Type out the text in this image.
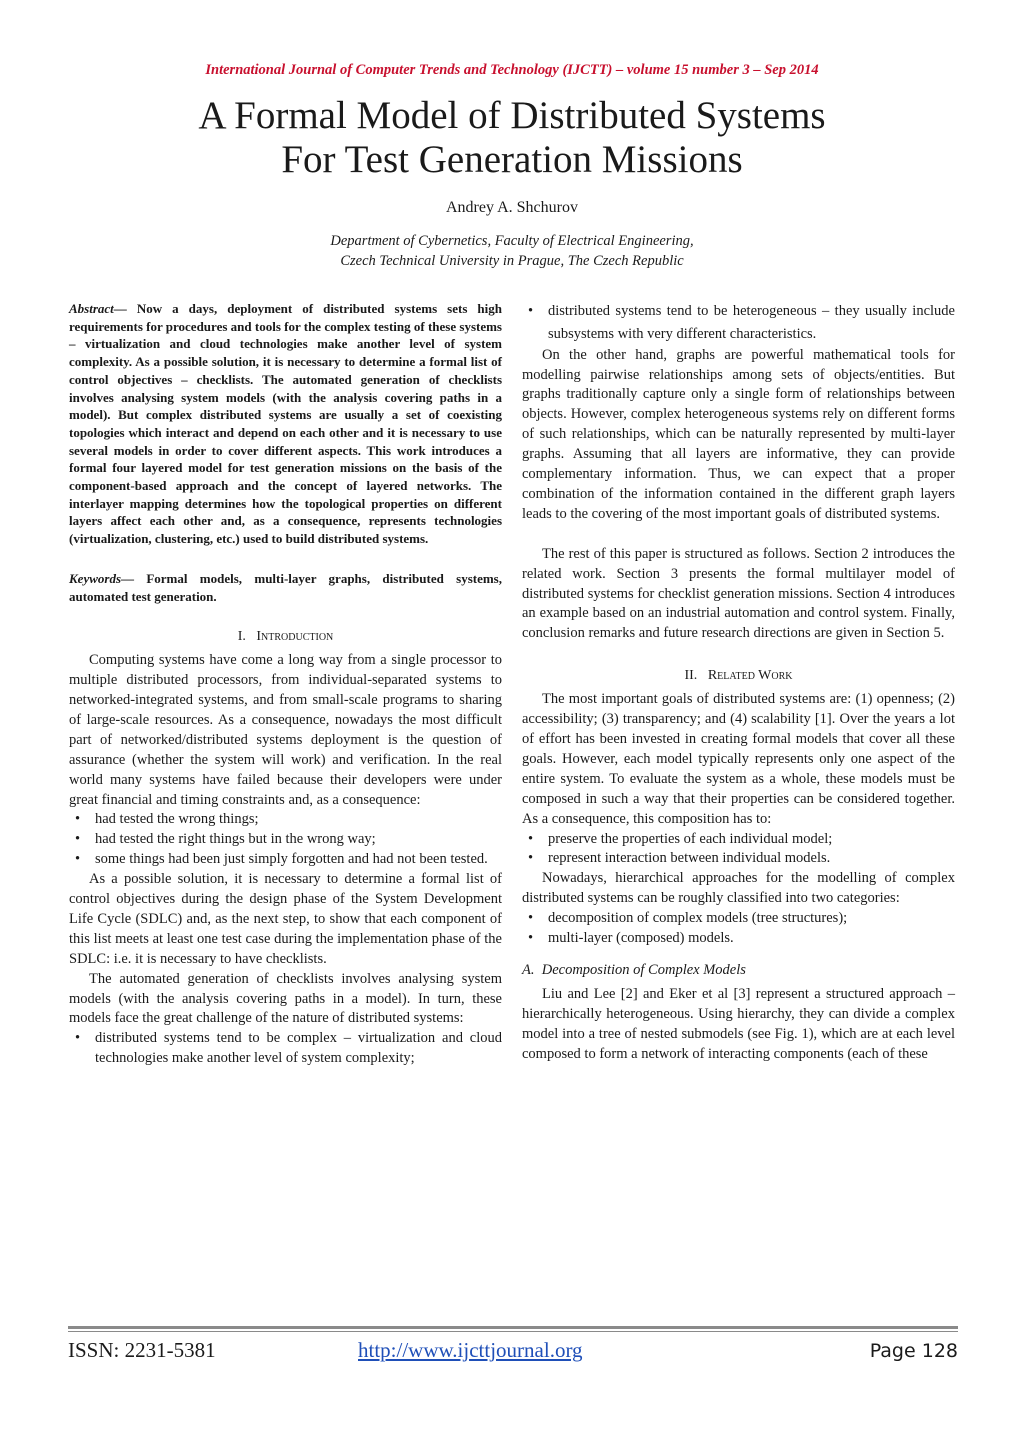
International Journal of Computer Trends and Technology (IJCTT) – volume 15 number 3 – Sep 2014
A Formal Model of Distributed Systems
For Test Generation Missions
Andrey A. Shchurov
Department of Cybernetics, Faculty of Electrical Engineering,
Czech Technical University in Prague, The Czech Republic

Abstract— Now a days, deployment of distributed systems sets high requirements for procedures and tools for the complex testing of these systems – virtualization and cloud technologies make another level of system complexity. As a possible solution, it is necessary to determine a formal list of control objectives – checklists. The automated generation of checklists involves analysing system models (with the analysis covering paths in a model). But complex distributed systems are usually a set of coexisting topologies which interact and depend on each other and it is necessary to use several models in order to cover different aspects. This work introduces a formal four layered model for test generation missions on the basis of the component-based approach and the concept of layered networks. The interlayer mapping determines how the topological properties on different layers affect each other and, as a consequence, represents technologies (virtualization, clustering, etc.) used to build distributed systems.

Keywords— Formal models, multi-layer graphs, distributed systems, automated test generation.

I. Introduction

Computing systems have come a long way from a single processor to multiple distributed processors, from individual-separated systems to networked-integrated systems, and from small-scale programs to sharing of large-scale resources. As a consequence, nowadays the most difficult part of networked/distributed systems deployment is the question of assurance (whether the system will work) and verification. In the real world many systems have failed because their developers were under great financial and timing constraints and, as a consequence:

• had tested the wrong things;
• had tested the right things but in the wrong way;
• some things had been just simply forgotten and had not been tested.

As a possible solution, it is necessary to determine a formal list of control objectives during the design phase of the System Development Life Cycle (SDLC) and, as the next step, to show that each component of this list meets at least one test case during the implementation phase of the SDLC: i.e. it is necessary to have checklists.

The automated generation of checklists involves analysing system models (with the analysis covering paths in a model). In turn, these models face the great challenge of the nature of distributed systems:

• distributed systems tend to be complex – virtualization and cloud technologies make another level of system complexity;
• distributed systems tend to be heterogeneous – they usually include subsystems with very different characteristics.

On the other hand, graphs are powerful mathematical tools for modelling pairwise relationships among sets of objects/entities. But graphs traditionally capture only a single form of relationships between objects. However, complex heterogeneous systems rely on different forms of such relationships, which can be naturally represented by multi-layer graphs. Assuming that all layers are informative, they can provide complementary information. Thus, we can expect that a proper combination of the information contained in the different graph layers leads to the covering of the most important goals of distributed systems.

The rest of this paper is structured as follows. Section 2 introduces the related work. Section 3 presents the formal multilayer model of distributed systems for checklist generation missions. Section 4 introduces an example based on an industrial automation and control system. Finally, conclusion remarks and future research directions are given in Section 5.

II. Related Work

The most important goals of distributed systems are: (1) openness; (2) accessibility; (3) transparency; and (4) scalability [1]. Over the years a lot of effort has been invested in creating formal models that cover all these goals. However, each model typically represents only one aspect of the entire system. To evaluate the system as a whole, these models must be composed in such a way that their properties can be considered together. As a consequence, this composition has to:

• preserve the properties of each individual model;
• represent interaction between individual models.

Nowadays, hierarchical approaches for the modelling of complex distributed systems can be roughly classified into two categories:

• decomposition of complex models (tree structures);
• multi-layer (composed) models.
A. Decomposition of Complex Models

Liu and Lee [2] and Eker et al [3] represent a structured approach – hierarchically heterogeneous. Using hierarchy, they can divide a complex model into a tree of nested submodels (see Fig. 1), which are at each level composed to form a network of interacting components (each of these

ISSN: 2231-5381	http://www.ijcttjournal.org	Page 128
